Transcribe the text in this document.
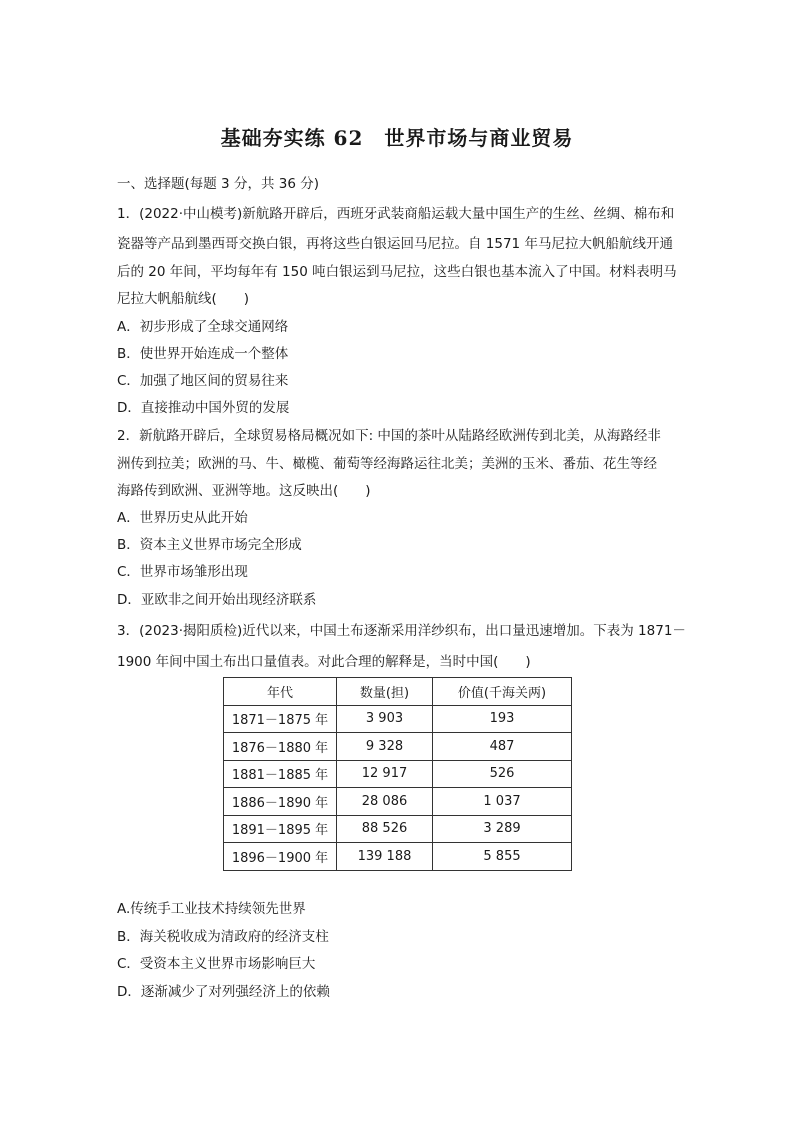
基础夯实练 62　世界市场与商业贸易
一、选择题(每题 3 分，共 36 分)
1．(2022·中山模考)新航路开辟后，西班牙武装商船运载大量中国生产的生丝、丝绸、棉布和
瓷器等产品到墨西哥交换白银，再将这些白银运回马尼拉。自 1571 年马尼拉大帆船航线开通
后的 20 年间，平均每年有 150 吨白银运到马尼拉，这些白银也基本流入了中国。材料表明马
尼拉大帆船航线(　　)
A．初步形成了全球交通网络
B．使世界开始连成一个整体
C．加强了地区间的贸易往来
D．直接推动中国外贸的发展
2．新航路开辟后，全球贸易格局概况如下: 中国的茶叶从陆路经欧洲传到北美，从海路经非
洲传到拉美；欧洲的马、牛、橄榄、葡萄等经海路运往北美；美洲的玉米、番茄、花生等经
海路传到欧洲、亚洲等地。这反映出(　　)
A．世界历史从此开始
B．资本主义世界市场完全形成
C．世界市场雏形出现
D．亚欧非之间开始出现经济联系
3．(2023·揭阳质检)近代以来，中国土布逐渐采用洋纱织布，出口量迅速增加。下表为 1871－
1900 年间中国土布出口量值表。对此合理的解释是，当时中国(　　)
年代	数量(担)	价值(千海关两)
1871－1875 年	3 903	193
1876－1880 年	9 328	487
1881－1885 年	12 917	526
1886－1890 年	28 086	1 037
1891－1895 年	88 526	3 289
1896－1900 年	139 188	5 855
A.传统手工业技术持续领先世界
B．海关税收成为清政府的经济支柱
C．受资本主义世界市场影响巨大
D．逐渐减少了对列强经济上的依赖
